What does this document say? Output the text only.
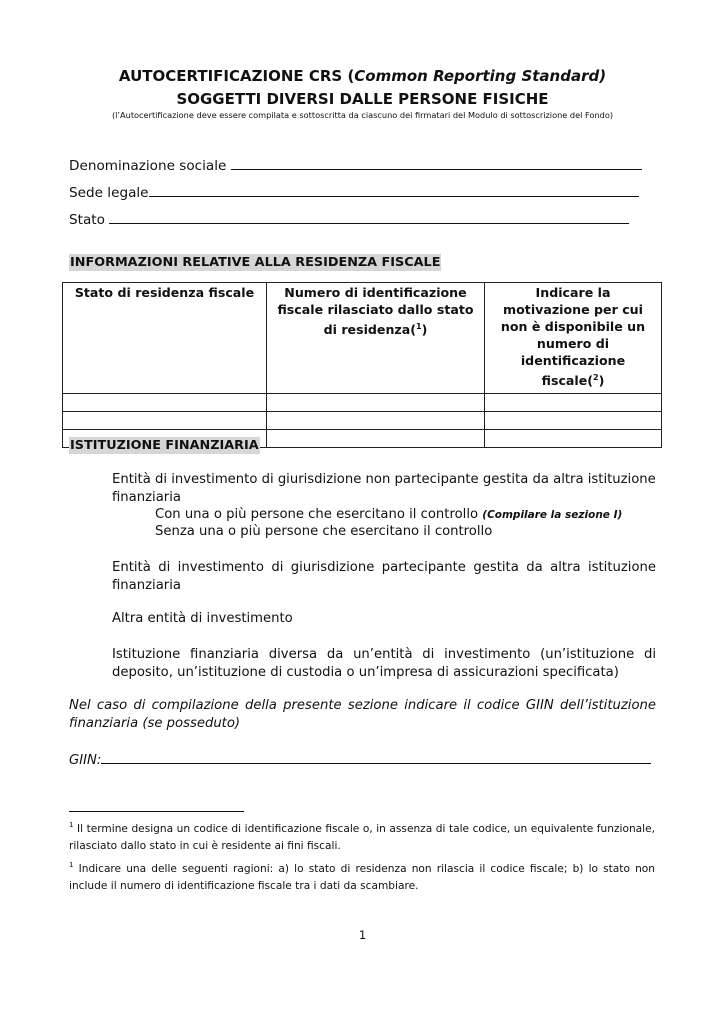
AUTOCERTIFICAZIONE CRS (Common Reporting Standard)
SOGGETTI DIVERSI DALLE PERSONE FISICHE
(l’Autocertificazione deve essere compilata e sottoscritta da ciascuno dei firmatari del Modulo di sottoscrizione del Fondo)
Denominazione sociale
Sede legale
Stato
INFORMAZIONI RELATIVE ALLA RESIDENZA FISCALE
Stato di residenza fiscale	Numero di identificazione fiscale rilasciato dallo stato di residenza($^1$)	Indicare la motivazione per cui non è disponibile un numero di identificazione fiscale($^2$)

ISTITUZIONE FINANZIARIA
Entità di investimento di giurisdizione non partecipante gestita da altra istituzione finanziaria
Con una o più persone che esercitano il controllo (Compilare la sezione I)
Senza una o più persone che esercitano il controllo
Entità di investimento di giurisdizione partecipante gestita da altra istituzione finanziaria
Altra entità di investimento
Istituzione finanziaria diversa da un’entità di investimento (un’istituzione di deposito, un’istituzione di custodia o un’impresa di assicurazioni specificata)
Nel caso di compilazione della presente sezione indicare il codice GIIN dell’istituzione finanziaria (se posseduto)
GIIN:
$^1$ Il termine designa un codice di identificazione fiscale o, in assenza di tale codice, un equivalente funzionale, rilasciato dallo stato in cui è residente ai fini fiscali.
$^1$ Indicare una delle seguenti ragioni: a) lo stato di residenza non rilascia il codice fiscale; b) lo stato non include il numero di identificazione fiscale tra i dati da scambiare.
1
